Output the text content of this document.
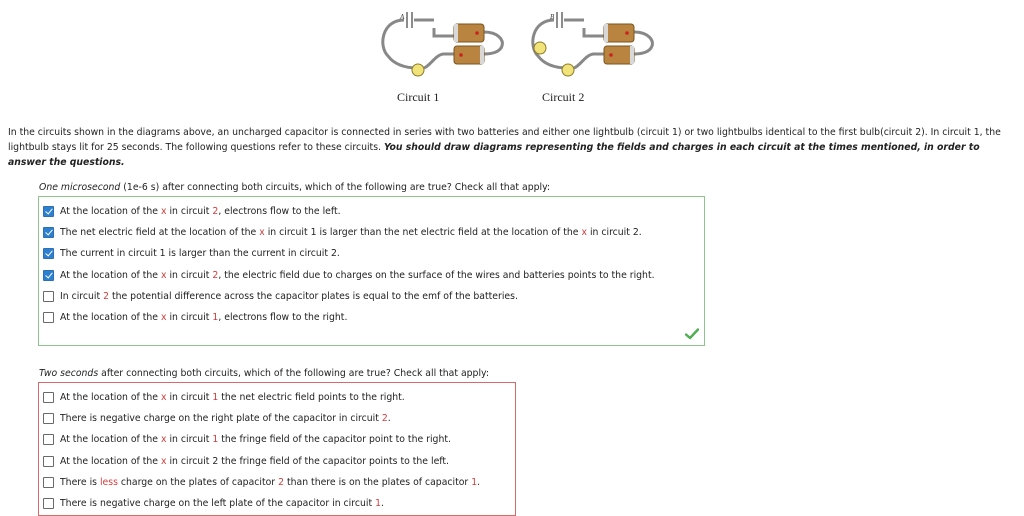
A	B
Circuit 1	Circuit 2
In the circuits shown in the diagrams above, an uncharged capacitor is connected in series with two batteries and either one lightbulb (circuit 1) or two lightbulbs identical to the first bulb(circuit 2). In circuit 1, the lightbulb stays lit for 25 seconds. The following questions refer to these circuits. You should draw diagrams representing the fields and charges in each circuit at the times mentioned, in order to answer the questions.
One microsecond (1e-6 s) after connecting both circuits, which of the following are true? Check all that apply:
At the location of the x in circuit 2, electrons flow to the left.
The net electric field at the location of the x in circuit 1 is larger than the net electric field at the location of the x in circuit 2.
The current in circuit 1 is larger than the current in circuit 2.
At the location of the x in circuit 2, the electric field due to charges on the surface of the wires and batteries points to the right.
In circuit 2 the potential difference across the capacitor plates is equal to the emf of the batteries.
At the location of the x in circuit 1, electrons flow to the right.
Two seconds after connecting both circuits, which of the following are true? Check all that apply:
At the location of the x in circuit 1 the net electric field points to the right.
There is negative charge on the right plate of the capacitor in circuit 2.
At the location of the x in circuit 1 the fringe field of the capacitor point to the right.
At the location of the x in circuit 2 the fringe field of the capacitor points to the left.
There is less charge on the plates of capacitor 2 than there is on the plates of capacitor 1.
There is negative charge on the left plate of the capacitor in circuit 1.
